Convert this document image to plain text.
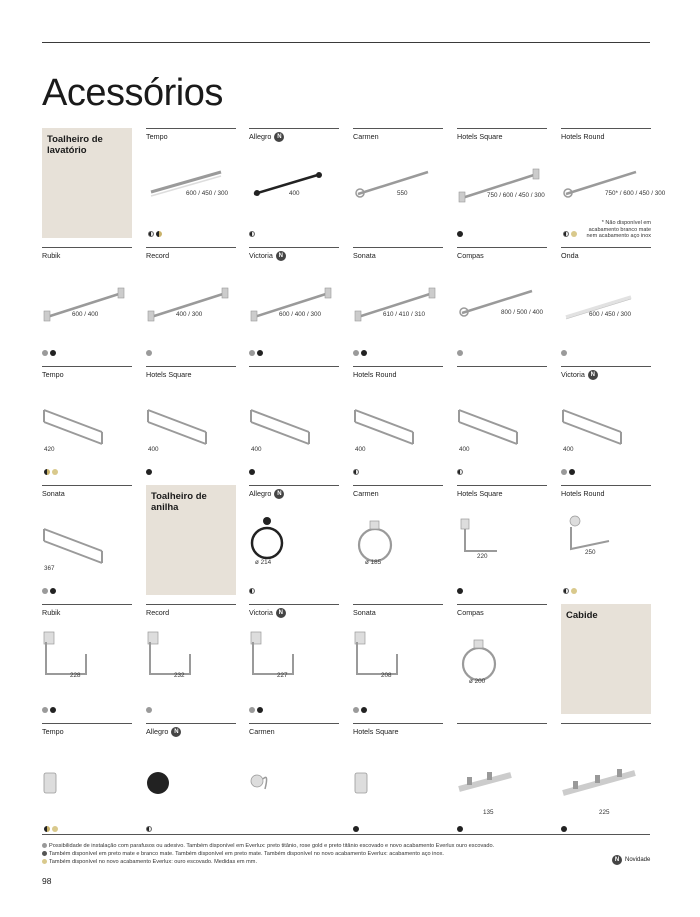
Acessórios
Toalheiro de lavatório
Toalheiro de anilha
Cabide
Tempo
600 / 450 / 300
Allegro N
400
Carmen
550
Hotels Square
750 / 600 / 450 / 300
Hotels Round
750* / 600 / 450 / 300
* Não disponível em acabamento branco mate nem acabamento aço inox
Rubik
600 / 400
Record
400 / 300
Victoria N
600 / 400 / 300
Sonata
610 / 410 / 310
Compas
800 / 500 / 400
Onda
600 / 450 / 300
Tempo
420
Hotels Square
400	400
Hotels Round
400	400
Victoria N
400
Sonata
367
Allegro N
ø 214
Carmen
ø 185
Hotels Square
220
Hotels Round
250
Rubik
228
Record
232
Victoria N
227
Sonata
208
Compas
ø 200
Tempo	Allegro N	Carmen	Hotels Square
135	225

Possibilidade de instalação com parafusos ou adesivo. Também disponível em Everlux: preto titânio, rose gold e preto titânio escovado e novo acabamento Everlux ouro escovado.

Também disponível em preto mate e branco mate. Também disponível em preto mate. Também disponível no novo acabamento Everlux: acabamento aço inox.

Também disponível no novo acabamento Everlux: ouro escovado. Medidas em mm.	N Novidade
98
